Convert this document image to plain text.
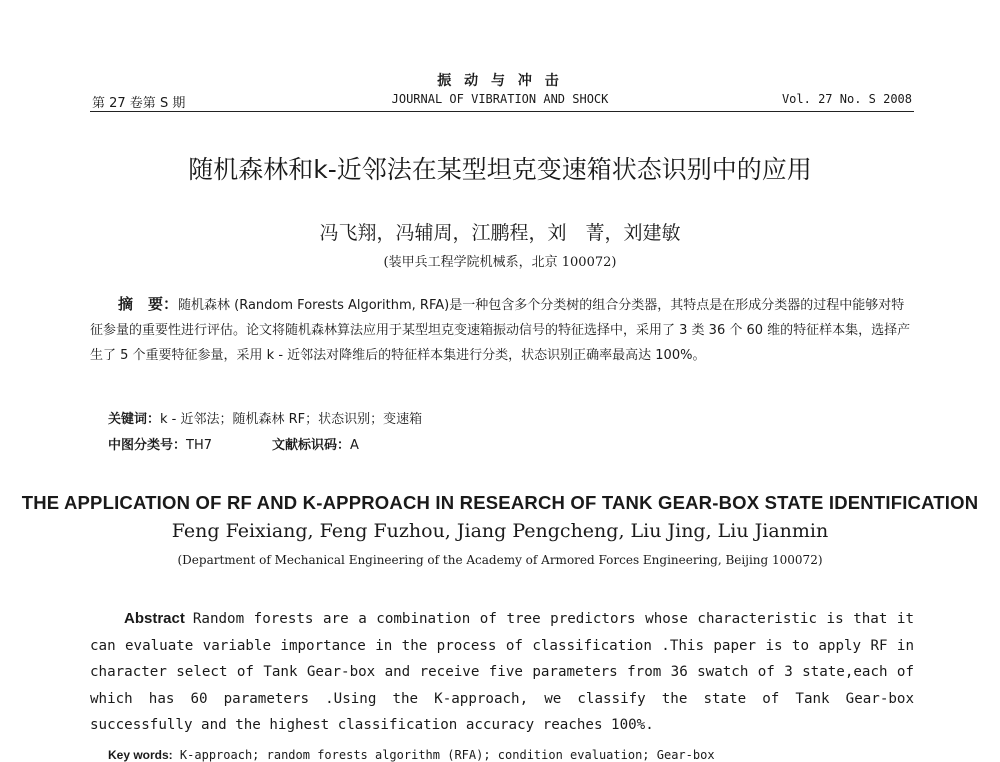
振 动 与 冲 击
第 27 卷第 S 期	JOURNAL OF VIBRATION AND SHOCK	Vol. 27 No. S 2008
随机森林和k-近邻法在某型坦克变速箱状态识别中的应用
冯飞翔，冯辅周，江鹏程，刘　菁，刘建敏
(装甲兵工程学院机械系，北京 100072)
摘　要：随机森林 (Random Forests Algorithm, RFA)是一种包含多个分类树的组合分类器，其特点是在形成分类器的过程中能够对特征参量的重要性进行评估。论文将随机森林算法应用于某型坦克变速箱振动信号的特征选择中，采用了 3 类 36 个 60 维的特征样本集，选择产生了 5 个重要特征参量，采用 k - 近邻法对降维后的特征样本集进行分类，状态识别正确率最高达 100%。
关键词：k - 近邻法；随机森林 RF；状态识别；变速箱
中图分类号：TH7	文献标识码：A
THE APPLICATION OF RF AND K-APPROACH IN RESEARCH OF TANK GEAR-BOX STATE IDENTIFICATION
Feng Feixiang, Feng Fuzhou, Jiang Pengcheng, Liu Jing, Liu Jianmin
(Department of Mechanical Engineering of the Academy of Armored Forces Engineering, Beijing 100072)
Abstract Random forests are a combination of tree predictors whose characteristic is that it can evaluate variable importance in the process of classification .This paper is to apply RF in character select of Tank Gear-box and receive five parameters from 36 swatch of 3 state,each of which has 60 parameters .Using the K-approach, we classify the state of Tank Gear-box successfully and the highest classification accuracy reaches 100%.
Key words: K-approach; random forests algorithm (RFA); condition evaluation; Gear-box
